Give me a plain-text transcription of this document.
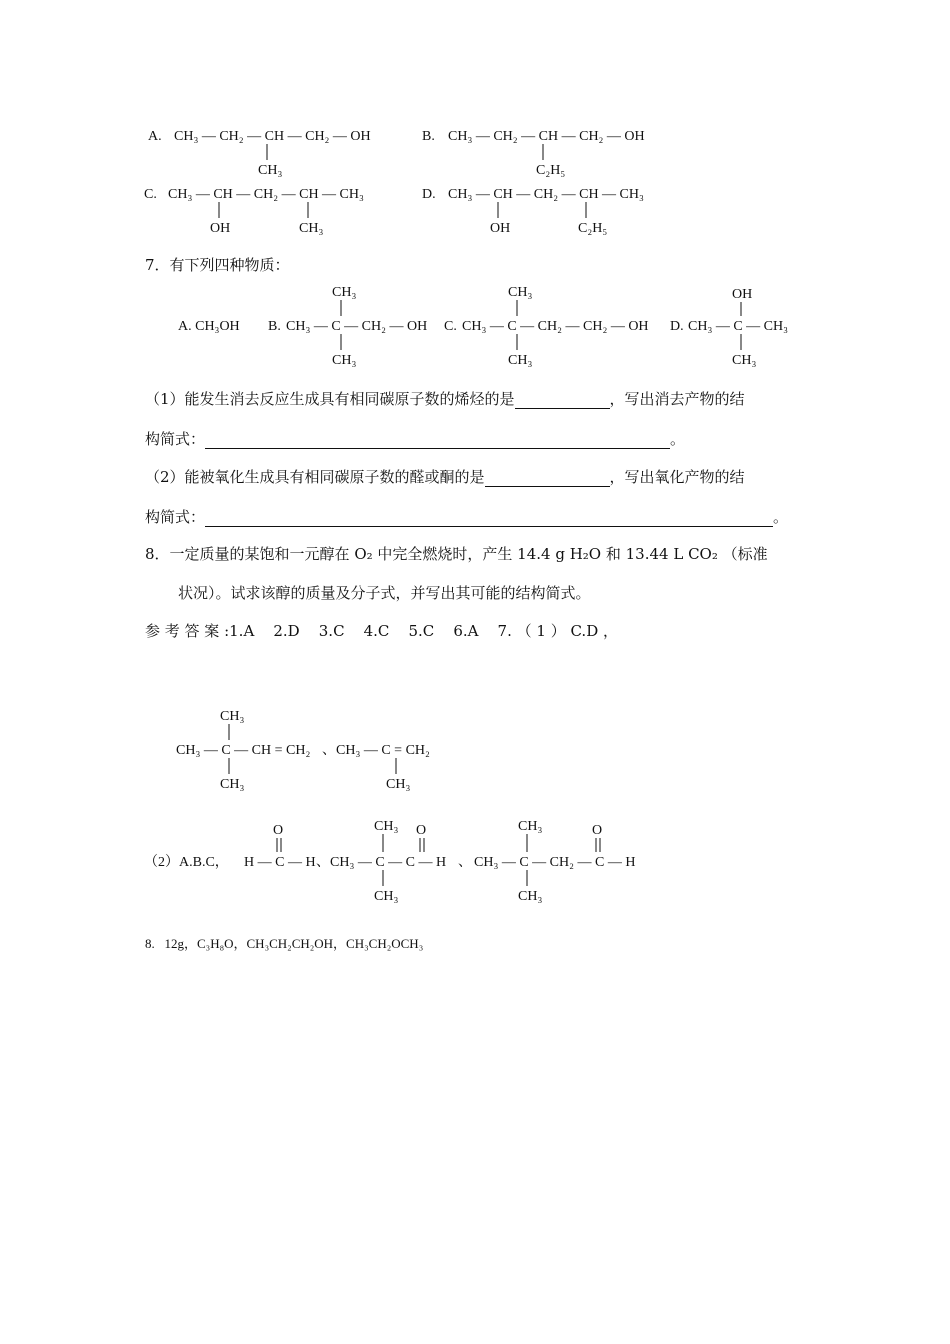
A. CH₃ — CH₂ — CH — CH₂ — OH
CH₃
B. CH₃ — CH₂ — CH — CH₂ — OH
C₂H₅
C. CH₃ — CH — CH₂ — CH — CH₃
OH	CH₃
D. CH₃ — CH — CH₂ — CH — CH₃
OH	C₂H₅
7．有下列四种物质：
A. CH₃OH B. CH₃ — C — CH₂ — OH
CH₃
CH₃
C. CH₃ — C — CH₂ — CH₂ — OH
CH₃
CH₃
D. CH₃ — C — CH₃
OH
CH₃
（1）能发生消去反应生成具有相同碳原子数的烯烃的是	，写出消去产物的结
构简式：	。
（2）能被氧化生成具有相同碳原子数的醛或酮的是	，写出氧化产物的结
构简式：	。
8．一定质量的某饱和一元醇在 O₂ 中完全燃烧时，产生 14.4 g H₂O 和 13.44 L CO₂ （标准
状况）。试求该醇的质量及分子式，并写出其可能的结构简式。
参 考 答 案 :1.A    2.D    3.C    4.C    5.C    6.A    7. （ 1 ） C.D ，
CH₃
CH₃ — C — CH = CH₂
CH₃
、 CH₃ — C = CH₂
CH₃
（2）A.B.C，
O
H — C — H 、
CH₃ O
CH₃ — C — C — H
CH₃
、
CH₃	O
CH₃ — C — CH₂ — C — H
CH₃
8.   12g，C₃H₈O，CH₃CH₂CH₂OH，CH₃CH₂OCH₃
